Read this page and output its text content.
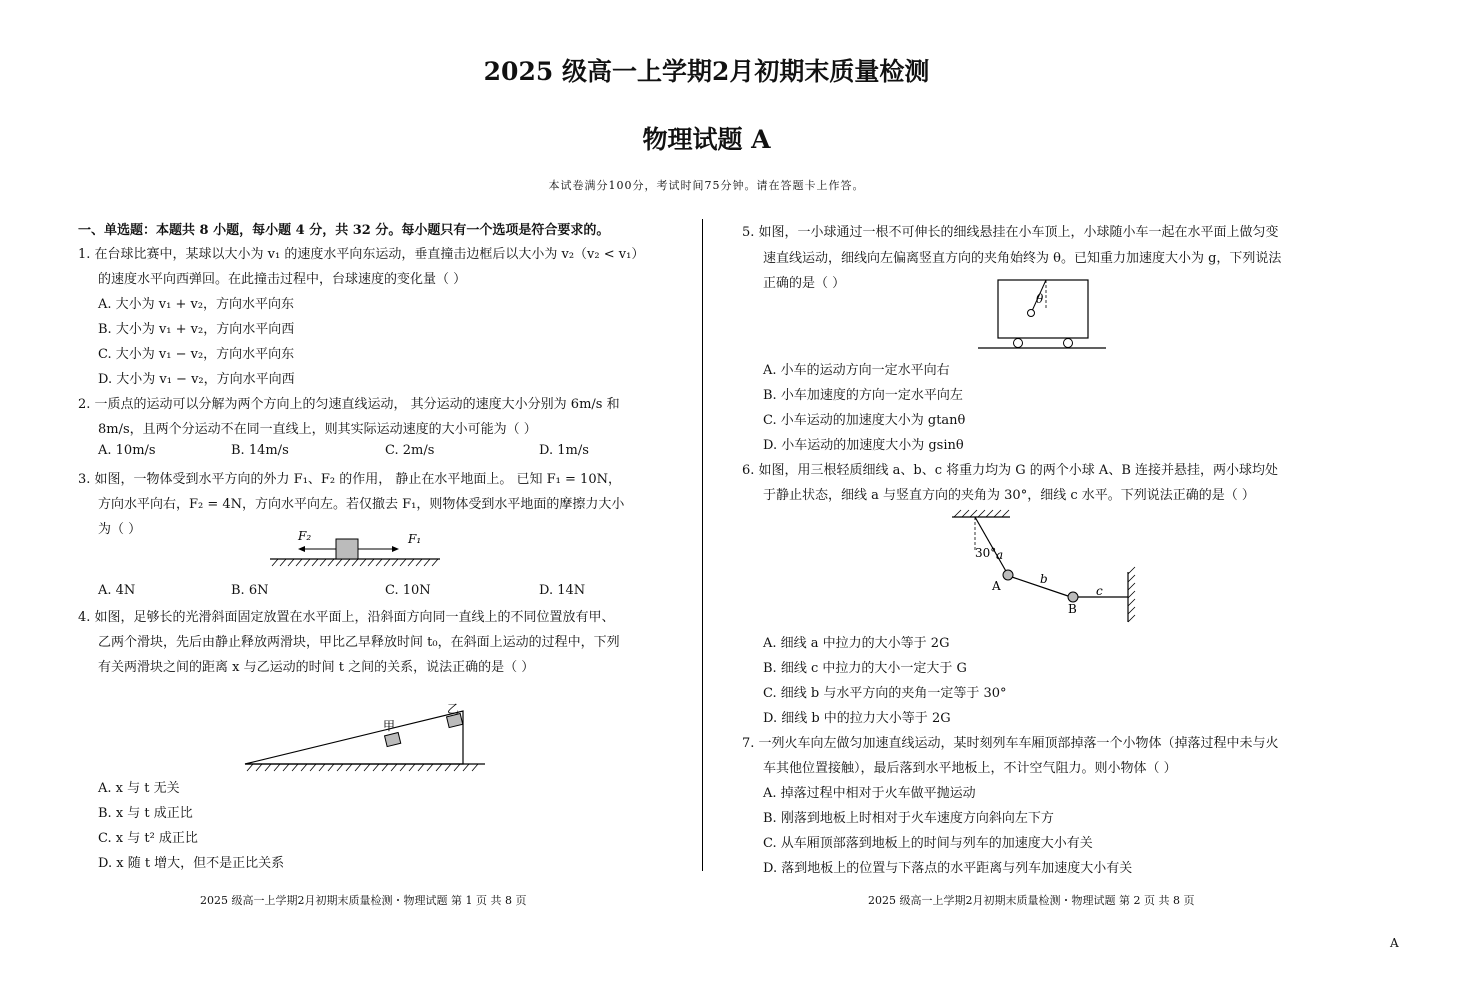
2025 级高一上学期2月初期末质量检测
物理试题 A
本试卷满分100分，考试时间75分钟。请在答题卡上作答。
一、单选题：本题共 8 小题，每小题 4 分，共 32 分。每小题只有一个选项是符合要求的。
1. 在台球比赛中，某球以大小为 v₁ 的速度水平向东运动，垂直撞击边框后以大小为 v₂（v₂ < v₁）
的速度水平向西弹回。在此撞击过程中，台球速度的变化量（ ）
A. 大小为 v₁ + v₂，方向水平向东
B. 大小为 v₁ + v₂，方向水平向西
C. 大小为 v₁ − v₂，方向水平向东
D. 大小为 v₁ − v₂，方向水平向西
2. 一质点的运动可以分解为两个方向上的匀速直线运动， 其分运动的速度大小分别为 6m/s 和
8m/s，且两个分运动不在同一直线上，则其实际运动速度的大小可能为（ ）
A. 10m/s	B. 14m/s	C. 2m/s	D. 1m/s
3. 如图，一物体受到水平方向的外力 F₁、F₂ 的作用， 静止在水平地面上。 已知 F₁ = 10N，
方向水平向右，F₂ = 4N，方向水平向左。若仅撤去 F₁，则物体受到水平地面的摩擦力大小
为（ ）	F₂	F₁
A. 4N	B. 6N	C. 10N	D. 14N
4. 如图，足够长的光滑斜面固定放置在水平面上，沿斜面方向同一直线上的不同位置放有甲、
乙两个滑块，先后由静止释放两滑块，甲比乙早释放时间 t₀，在斜面上运动的过程中，下列
有关两滑块之间的距离 x 与乙运动的时间 t 之间的关系，说法正确的是（ ）
甲
乙
A. x 与 t 无关
B. x 与 t 成正比
C. x 与 t² 成正比
D. x 随 t 增大，但不是正比关系
5. 如图，一小球通过一根不可伸长的细线悬挂在小车顶上，小球随小车一起在水平面上做匀变
速直线运动，细线向左偏离竖直方向的夹角始终为 θ。已知重力加速度大小为 g，下列说法
正确的是（ ）
θ
A. 小车的运动方向一定水平向右
B. 小车加速度的方向一定水平向左
C. 小车运动的加速度大小为 gtanθ
D. 小车运动的加速度大小为 gsinθ
6. 如图，用三根轻质细线 a、b、c 将重力均为 G 的两个小球 A、B 连接并悬挂，两小球均处
于静止状态，细线 a 与竖直方向的夹角为 30°，细线 c 水平。下列说法正确的是（ ）
30° a
b
c
A
B
A. 细线 a 中拉力的大小等于 2G
B. 细线 c 中拉力的大小一定大于 G
C. 细线 b 与水平方向的夹角一定等于 30°
D. 细线 b 中的拉力大小等于 2G
7. 一列火车向左做匀加速直线运动，某时刻列车车厢顶部掉落一个小物体（掉落过程中未与火
车其他位置接触），最后落到水平地板上，不计空气阻力。则小物体（ ）
A. 掉落过程中相对于火车做平抛运动
B. 刚落到地板上时相对于火车速度方向斜向左下方
C. 从车厢顶部落到地板上的时间与列车的加速度大小有关
D. 落到地板上的位置与下落点的水平距离与列车加速度大小有关
2025 级高一上学期2月初期末质量检测・物理试题 第 1 页 共 8 页	2025 级高一上学期2月初期末质量检测・物理试题 第 2 页 共 8 页
A
